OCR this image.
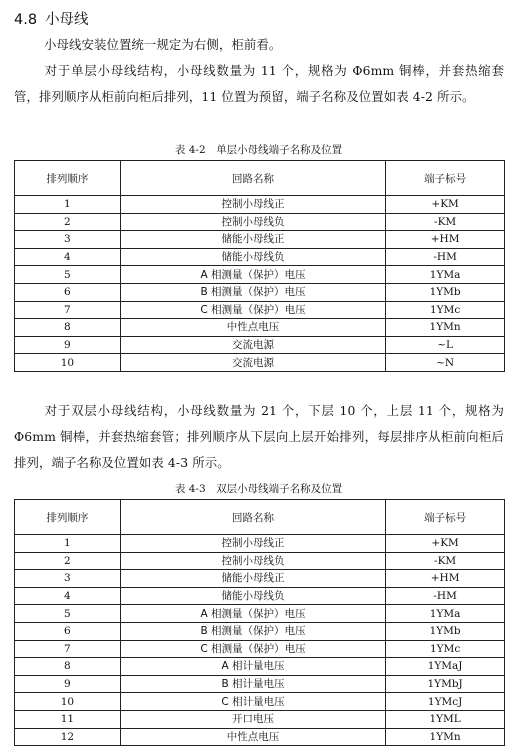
4.8 小母线

小母线安装位置统一规定为右侧，柜前看。

对于单层小母线结构，小母线数量为 11 个，规格为 Φ6mm 铜棒，并套热缩套管，排列顺序从柜前向柜后排列，11 位置为预留，端子名称及位置如表 4-2 所示。

表 4-2　单层小母线端子名称及位置
排列顺序	回路名称	端子标号
1	控制小母线正	+KM
2	控制小母线负	-KM
3	储能小母线正	+HM
4	储能小母线负	-HM
5	A 相测量（保护）电压	1YMa
6	B 相测量（保护）电压	1YMb
7	C 相测量（保护）电压	1YMc
8	中性点电压	1YMn
9	交流电源	~L
10	交流电源	~N

对于双层小母线结构，小母线数量为 21 个，下层 10 个，上层 11 个，规格为 Φ6mm 铜棒，并套热缩套管；排列顺序从下层向上层开始排列，每层排序从柜前向柜后排列，端子名称及位置如表 4-3 所示。

表 4-3　双层小母线端子名称及位置
排列顺序	回路名称	端子标号
1	控制小母线正	+KM
2	控制小母线负	-KM
3	储能小母线正	+HM
4	储能小母线负	-HM
5	A 相测量（保护）电压	1YMa
6	B 相测量（保护）电压	1YMb
7	C 相测量（保护）电压	1YMc
8	A 相计量电压	1YMaJ
9	B 相计量电压	1YMbJ
10	C 相计量电压	1YMcJ
11	开口电压	1YML
12	中性点电压	1YMn
